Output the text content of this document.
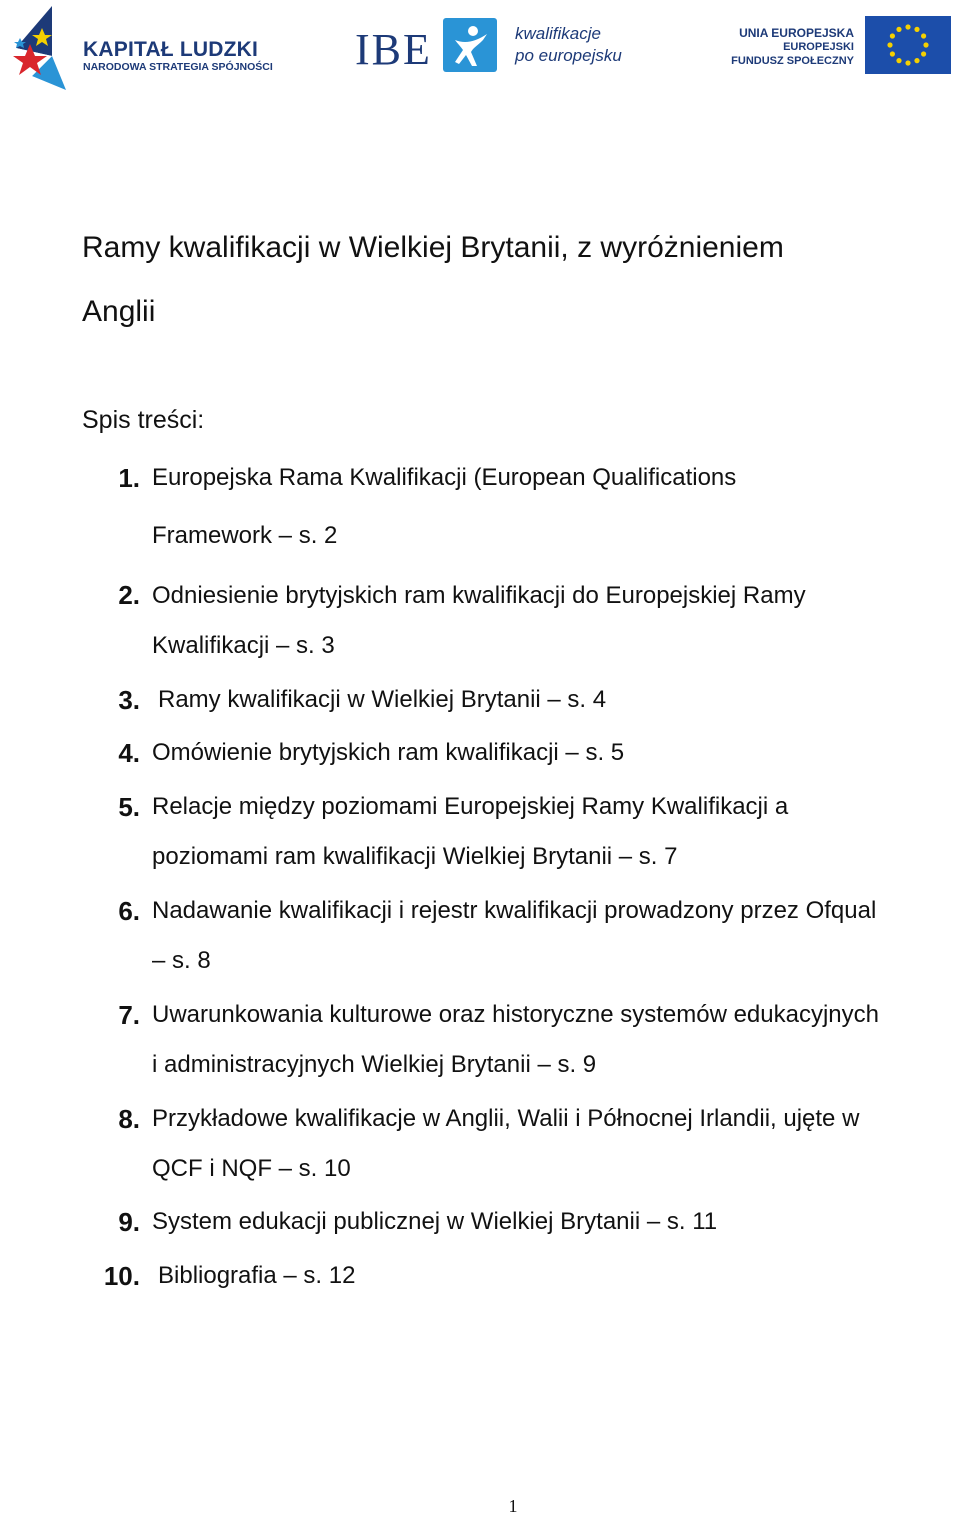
KAPITAŁ LUDZKI
NARODOWA STRATEGIA SPÓJNOŚCI IBE	kwalifikacje
po europejsku
UNIA EUROPEJSKA
EUROPEJSKI
FUNDUSZ SPOŁECZNY
Ramy kwalifikacji w Wielkiej Brytanii, z wyróżnieniem
Anglii
Spis treści:
1. Europejska Rama Kwalifikacji (European Qualifications
Framework – s. 2
2. Odniesienie brytyjskich ram kwalifikacji do Europejskiej Ramy
Kwalifikacji – s. 3
3. Ramy kwalifikacji w Wielkiej Brytanii – s. 4
4. Omówienie brytyjskich ram kwalifikacji – s. 5
5. Relacje między poziomami Europejskiej Ramy Kwalifikacji a
poziomami ram kwalifikacji Wielkiej Brytanii – s. 7
6. Nadawanie kwalifikacji i rejestr kwalifikacji prowadzony przez Ofqual
– s. 8
7. Uwarunkowania kulturowe oraz historyczne systemów edukacyjnych
i administracyjnych Wielkiej Brytanii – s. 9
8. Przykładowe kwalifikacje w Anglii, Walii i Północnej Irlandii, ujęte w
QCF i NQF – s. 10
9. System edukacji publicznej w Wielkiej Brytanii – s. 11
10. Bibliografia – s. 12
1
